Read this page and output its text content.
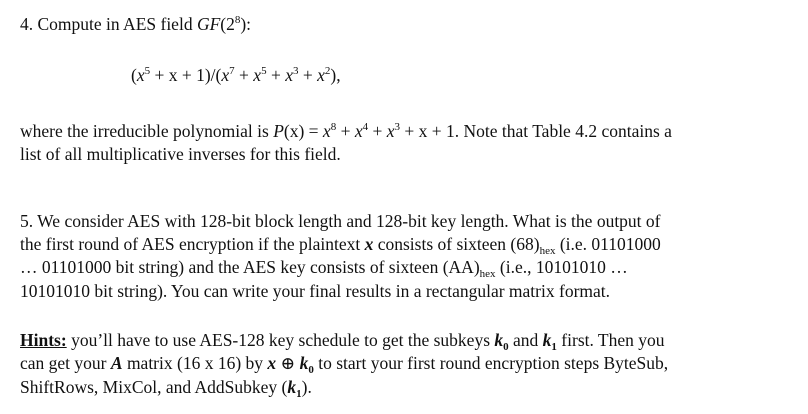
4. Compute in AES field $GF(2^8)$:
$(x^5 + x + 1)/(x^7 + x^5 + x^3 + x^2)$,
where the irreducible polynomial is $P(x) = x^8 + x^4 + x^3 + x + 1$. Note that Table 4.2 contains a
list of all multiplicative inverses for this field.
5. We consider AES with 128-bit block length and 128-bit key length. What is the output of
the first round of AES encryption if the plaintext x consists of sixteen $(68)_{hex}$ (i.e. 01101000
… 01101000 bit string) and the AES key consists of sixteen $(AA)_{hex}$ (i.e., 10101010 …
10101010 bit string). You can write your final results in a rectangular matrix format.
Hints: you’ll have to use AES-128 key schedule to get the subkeys $k_0$ and $k_1$ first. Then you
can get your A matrix (16 x 16) by x ⊕ $k_0$ to start your first round encryption steps ByteSub,
ShiftRows, MixCol, and AddSubkey $(k_1)$.
